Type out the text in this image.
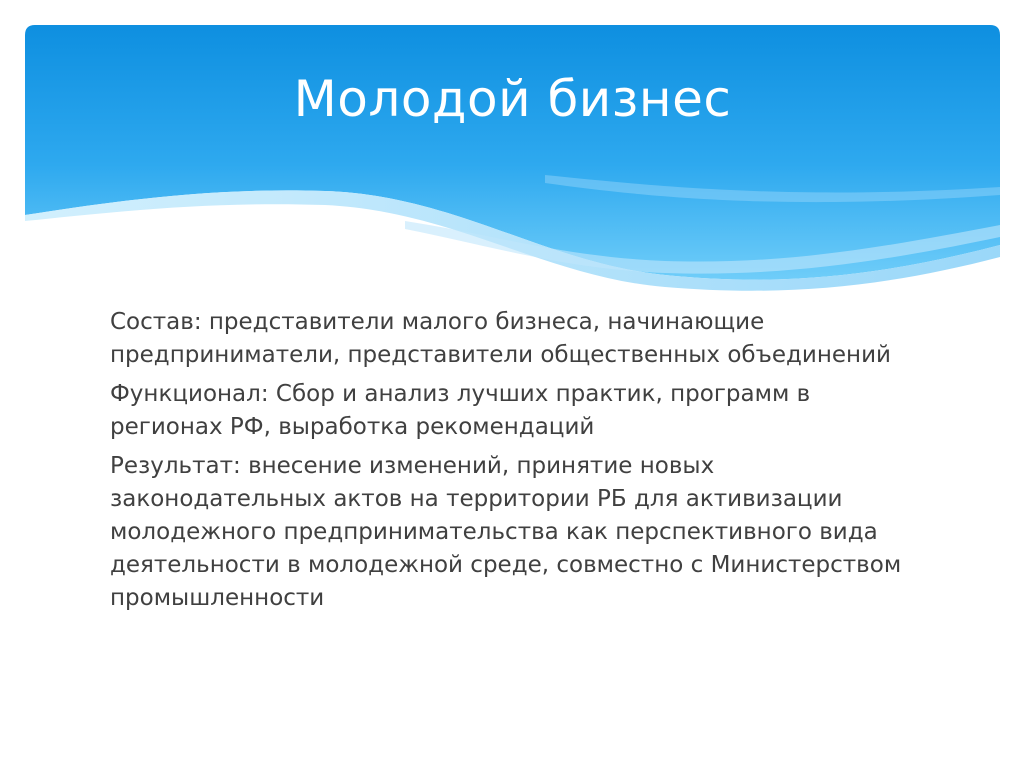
Молодой бизнес

Состав: представители малого бизнеса, начинающие предприниматели, представители общественных объединений

Функционал: Сбор и анализ лучших практик, программ в регионах РФ, выработка рекомендаций

Результат: внесение изменений, принятие новых законодательных актов на территории РБ для активизации молодежного предпринимательства как перспективного вида деятельности в молодежной среде, совместно с Министерством промышленности
